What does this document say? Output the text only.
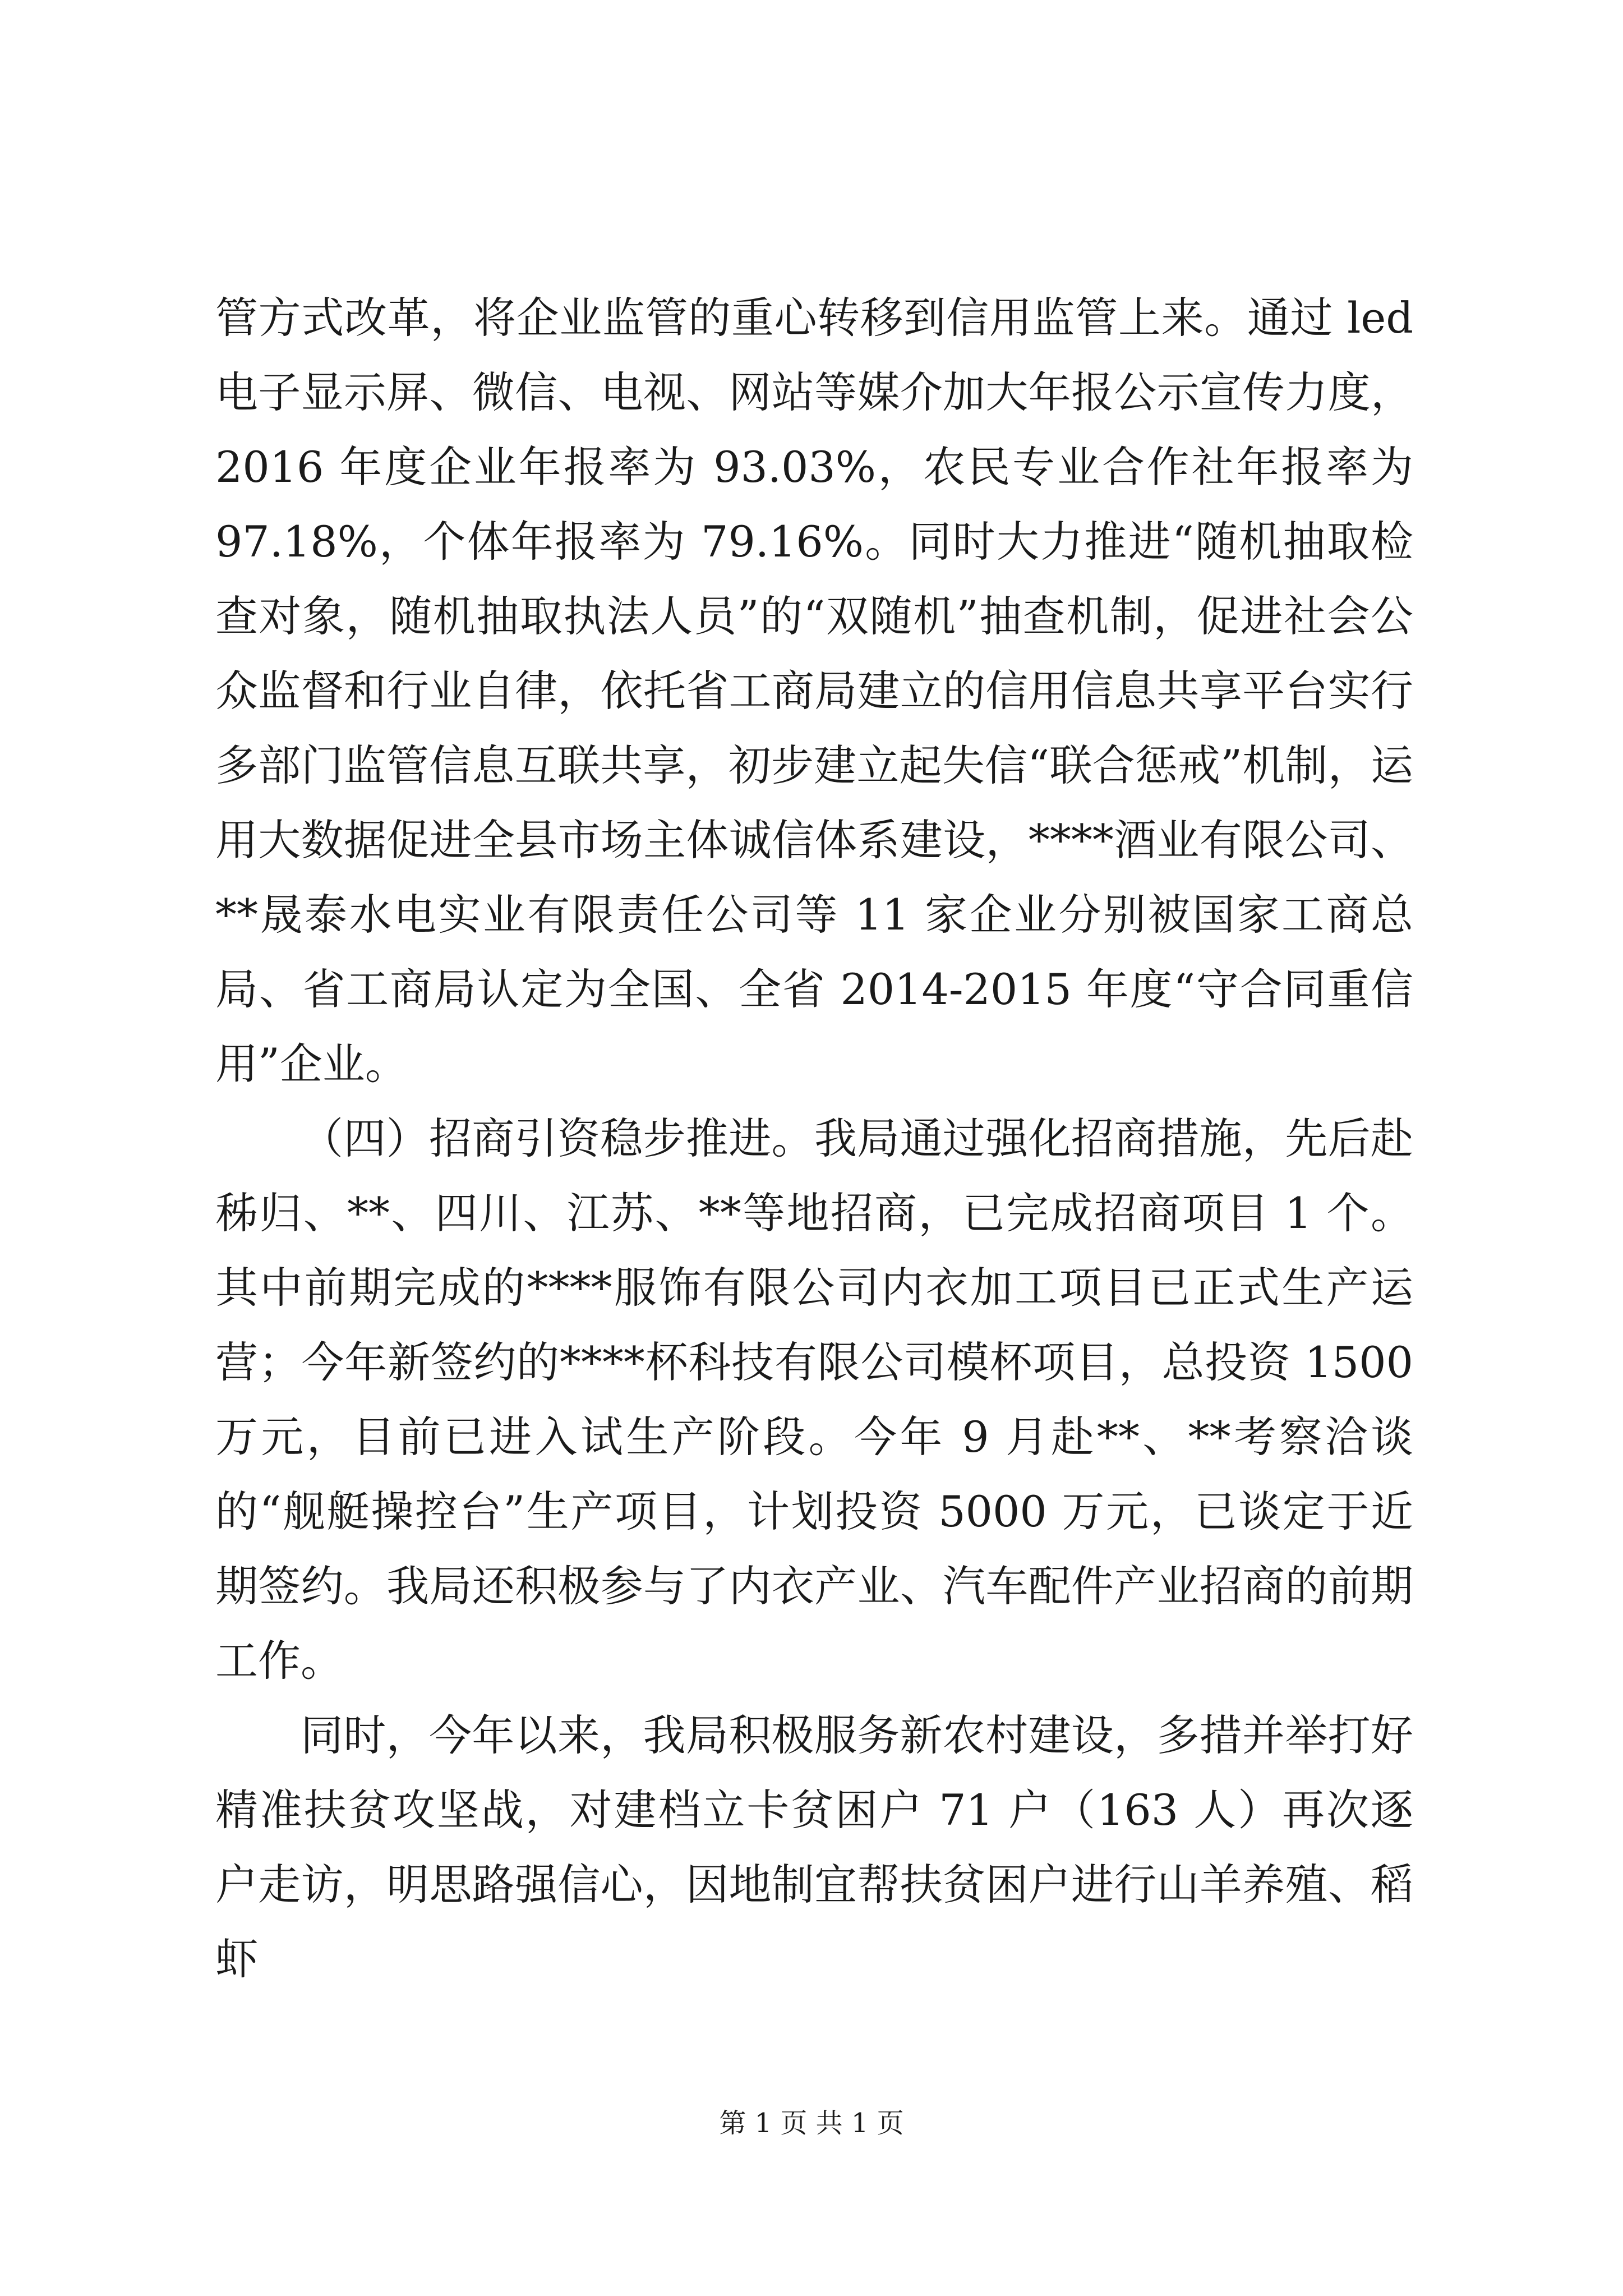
管方式改革，将企业监管的重心转移到信用监管上来。通过 led 电子显示屏、微信、电视、网站等媒介加大年报公示宣传力度，2016 年度企业年报率为 93.03%，农民专业合作社年报率为 97.18%，个体年报率为 79.16%。同时大力推进“随机抽取检查对象，随机抽取执法人员”的“双随机”抽查机制，促进社会公众监督和行业自律，依托省工商局建立的信用信息共享平台实行多部门监管信息互联共享，初步建立起失信“联合惩戒”机制，运用大数据促进全县市场主体诚信体系建设，****酒业有限公司、**晟泰水电实业有限责任公司等 11 家企业分别被国家工商总局、省工商局认定为全国、全省 2014-2015 年度“守合同重信用”企业。

（四）招商引资稳步推进。我局通过强化招商措施，先后赴秭归、**、四川、江苏、**等地招商，已完成招商项目 1 个。其中前期完成的****服饰有限公司内衣加工项目已正式生产运营；今年新签约的****杯科技有限公司模杯项目，总投资 1500 万元，目前已进入试生产阶段。今年 9 月赴**、**考察洽谈的“舰艇操控台”生产项目，计划投资 5000 万元，已谈定于近期签约。我局还积极参与了内衣产业、汽车配件产业招商的前期工作。

同时，今年以来，我局积极服务新农村建设，多措并举打好精准扶贫攻坚战，对建档立卡贫困户 71 户（163 人）再次逐户走访，明思路强信心，因地制宜帮扶贫困户进行山羊养殖、稻虾

第 1 页 共 1 页
